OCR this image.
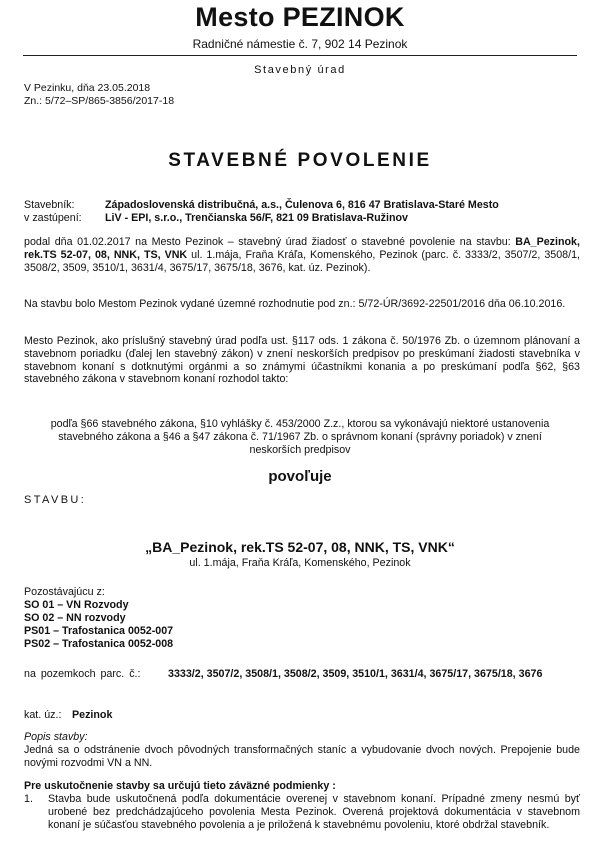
Mesto PEZINOK
Radničné námestie č. 7, 902 14 Pezinok
Stavebný úrad
V Pezinku, dňa 23.05.2018
Zn.: 5/72–SP/865-3856/2017-18
STAVEBNÉ POVOLENIE
Stavebník:	Západoslovenská distribučná, a.s., Čulenova 6, 816 47 Bratislava-Staré Mesto
v zastúpení: LiV - EPI, s.r.o., Trenčianska 56/F, 821 09 Bratislava-Ružinov
podal dňa 01.02.2017 na Mesto Pezinok – stavebný úrad žiadosť o stavebné povolenie na stavbu: BA_Pezinok, rek.TS 52-07, 08, NNK, TS, VNK ul. 1.mája, Fraňa Kráľa, Komenského, Pezinok (parc. č. 3333/2, 3507/2, 3508/1, 3508/2, 3509, 3510/1, 3631/4, 3675/17, 3675/18, 3676, kat. úz. Pezinok).
Na stavbu bolo Mestom Pezinok vydané územné rozhodnutie pod zn.: 5/72-ÚR/3692-22501/2016 dňa 06.10.2016.
Mesto Pezinok, ako príslušný stavebný úrad podľa ust. §117 ods. 1 zákona č. 50/1976 Zb. o územnom plánovaní a stavebnom poriadku (ďalej len stavebný zákon) v znení neskorších predpisov po preskúmaní žiadosti stavebníka v stavebnom konaní s dotknutými orgánmi a so známymi účastníkmi konania a po preskúmaní podľa §62, §63 stavebného zákona v stavebnom konaní rozhodol takto:
podľa §66 stavebného zákona, §10 vyhlášky č. 453/2000 Z.z., ktorou sa vykonávajú niektoré ustanovenia stavebného zákona a §46 a §47 zákona č. 71/1967 Zb. o správnom konaní (správny poriadok) v znení neskorších predpisov
povoľuje
STAVBU:
„BA_Pezinok, rek.TS 52-07, 08, NNK, TS, VNK“
ul. 1.mája, Fraňa Kráľa, Komenského, Pezinok
Pozostávajúcu z:
SO 01 – VN Rozvody
SO 02 – NN rozvody
PS01 – Trafostanica 0052-007
PS02 – Trafostanica 0052-008
na pozemkoch parc. č.:	3333/2, 3507/2, 3508/1, 3508/2, 3509, 3510/1, 3631/4, 3675/17, 3675/18, 3676
kat. úz.: Pezinok
Popis stavby:
Jedná sa o odstránenie dvoch pôvodných transformačných staníc a vybudovanie dvoch nových. Prepojenie bude novými rozvodmi VN a NN.
Pre uskutočnenie stavby sa určujú tieto záväzné podmienky :
1. Stavba bude uskutočnená podľa dokumentácie overenej v stavebnom konaní. Prípadné zmeny nesmú byť urobené bez predchádzajúceho povolenia Mesta Pezinok. Overená projektová dokumentácia v stavebnom konaní je súčasťou stavebného povolenia a je priložená k stavebnému povoleniu, ktoré obdržal stavebník.
